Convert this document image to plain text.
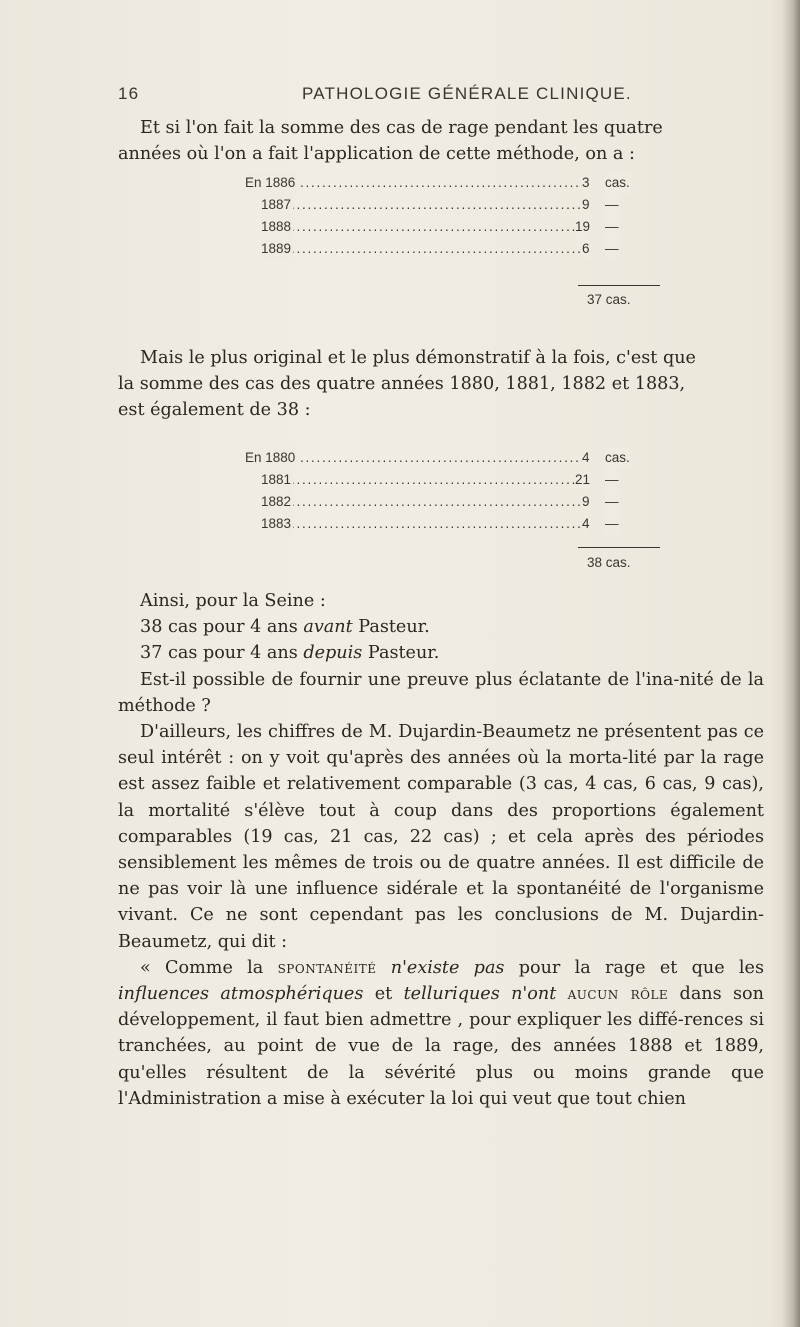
16	PATHOLOGIE GÉNÉRALE CLINIQUE.

Et si l'on fait la somme des cas de rage pendant les quatre

années où l'on a fait l'application de cette méthode, on a :

. . .
En 1886	3 cas.
. . .
1887	9 —
. . .
1888	19 —
. . .
1889	6 —
37 cas.

Mais le plus original et le plus démonstratif à la fois, c'est que

la somme des cas des quatre années 1880, 1881, 1882 et 1883,

est également de 38 :

. . .
En 1880	4 cas.
. . .
1881	21 —
. . .
1882	9 —
. . .
1883	4 —
38 cas.

Ainsi, pour la Seine :

38 cas pour 4 ans avant Pasteur.

37 cas pour 4 ans depuis Pasteur.

Est-il possible de fournir une preuve plus éclatante de l'ina-nité de la méthode ?

D'ailleurs, les chiffres de M. Dujardin-Beaumetz ne présentent pas ce seul intérêt : on y voit qu'après des années où la morta-lité par la rage est assez faible et relativement comparable (3 cas, 4 cas, 6 cas, 9 cas), la mortalité s'élève tout à coup dans des proportions également comparables (19 cas, 21 cas, 22 cas) ; et cela après des périodes sensiblement les mêmes de trois ou de quatre années. Il est difficile de ne pas voir là une influence sidérale et la spontanéité de l'organisme vivant. Ce ne sont cependant pas les conclusions de M. Dujardin-Beaumetz, qui dit :

« Comme la spontanéité n'existe pas pour la rage et que les influences atmosphériques et telluriques n'ont aucun rôle dans son développement, il faut bien admettre , pour expliquer les diffé-rences si tranchées, au point de vue de la rage, des années 1888 et 1889, qu'elles résultent de la sévérité plus ou moins grande que l'Administration a mise à exécuter la loi qui veut que tout chien
